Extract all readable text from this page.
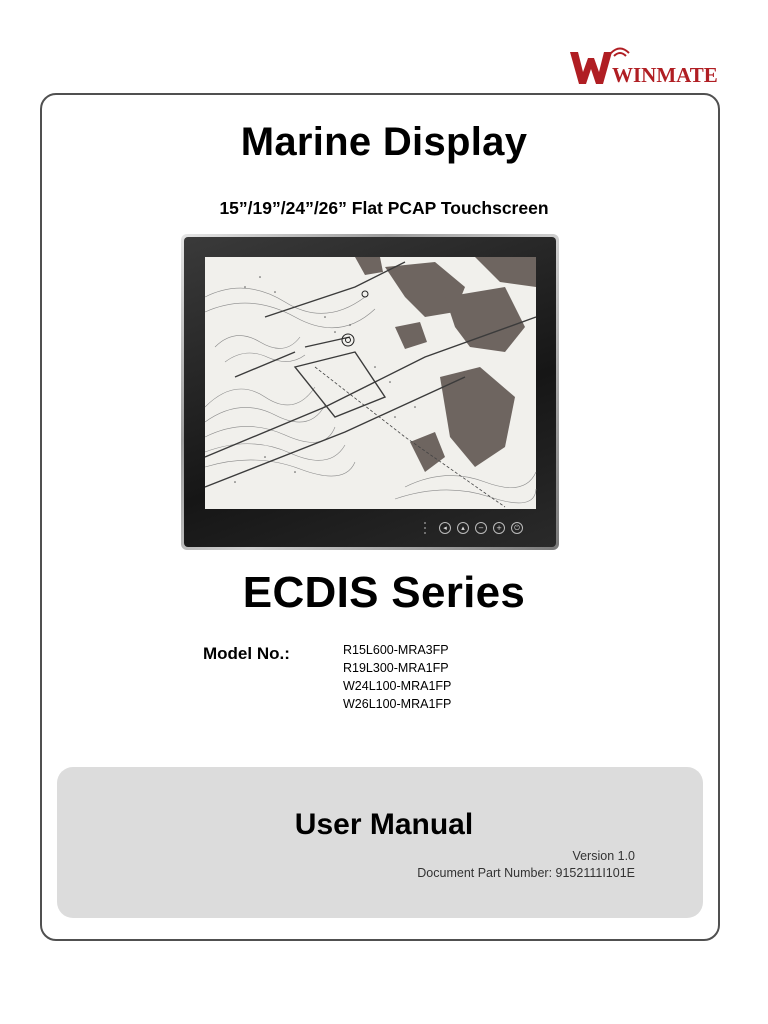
WINMATE
Marine Display
15”/19”/24”/26” Flat PCAP Touchscreen
◂	▴	−	+	⏻
ECDIS Series
Model No.:	R15L600-MRA3FP
R19L300-MRA1FP
W24L100-MRA1FP
W26L100-MRA1FP
User Manual
Version 1.0
Document Part Number: 9152111I101E
